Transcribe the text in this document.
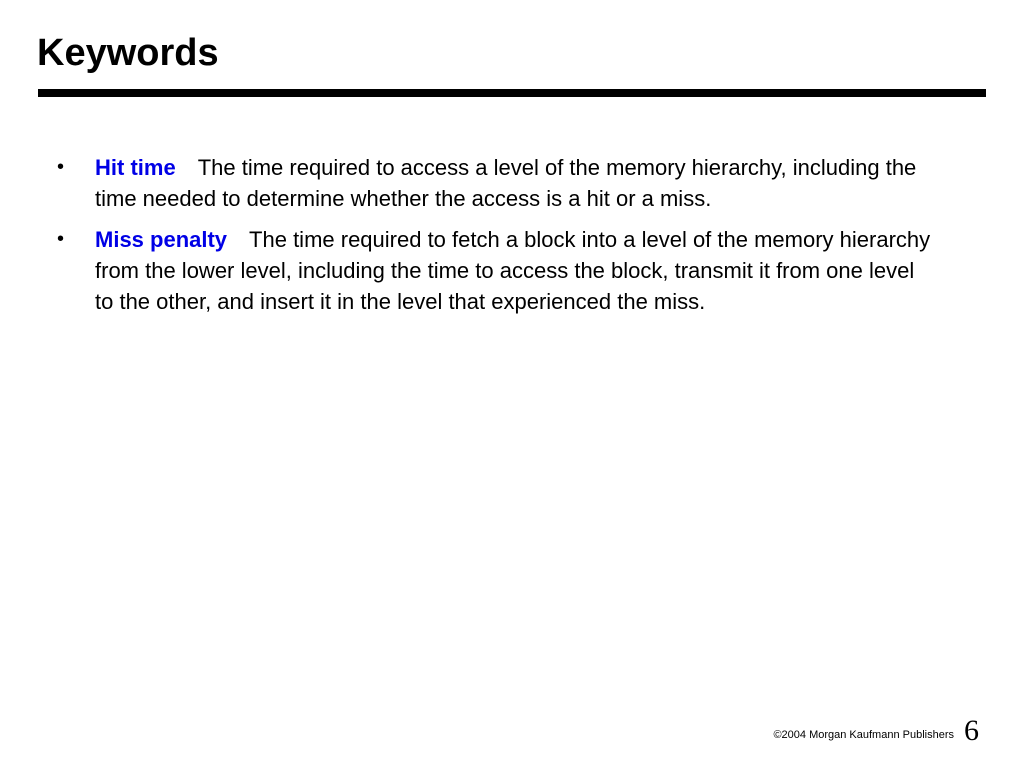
Keywords
• Hit time The time required to access a level of the memory hierarchy, including the time needed to determine whether the access is a hit or a miss.
• Miss penalty The time required to fetch a block into a level of the memory hierarchy from the lower level, including the time to access the block, transmit it from one level to the other, and insert it in the level that experienced the miss.
©2004 Morgan Kaufmann Publishers 6
